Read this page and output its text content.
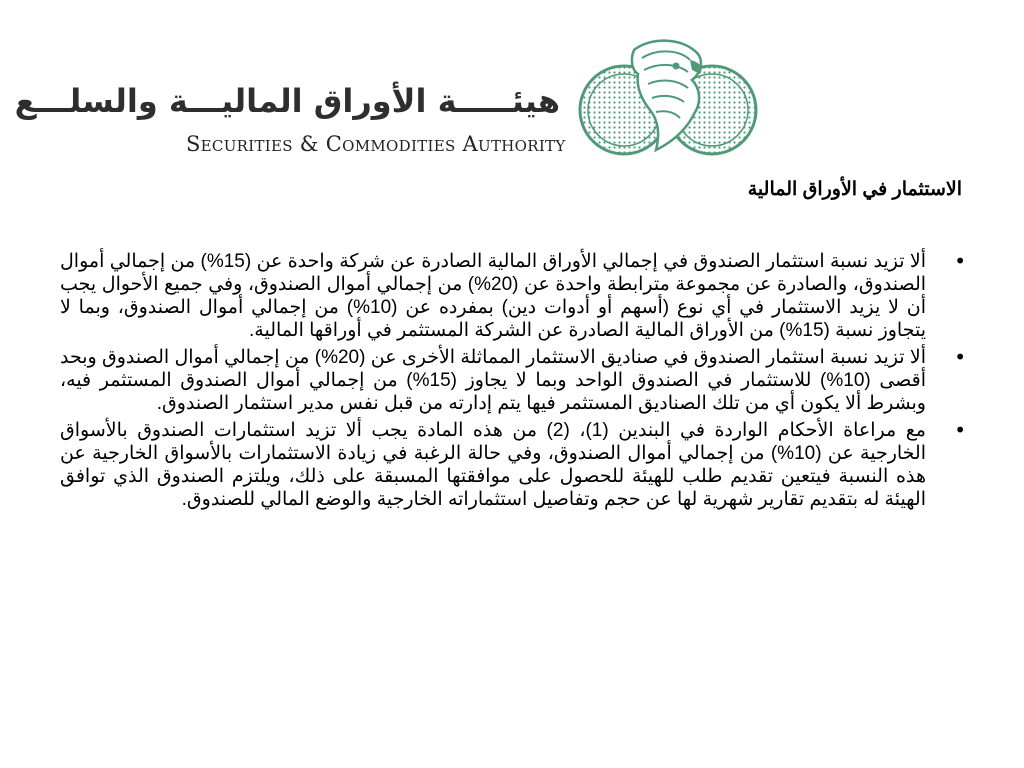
هيئـــــة الأوراق الماليـــة والسلـــع
Securities & Commodities Authority
الاستثمار في الأوراق المالية
•
ألا تزيد نسبة استثمار الصندوق في إجمالي الأوراق المالية الصادرة عن شركة واحدة عن (15%) من إجمالي أموال الصندوق، والصادرة عن مجموعة مترابطة واحدة عن (20%) من إجمالي أموال الصندوق، وفي جميع الأحوال يجب أن لا يزيد الاستثمار في أي نوع (أسهم أو أدوات دين) بمفرده عن (10%) من إجمالي أموال الصندوق، وبما لا يتجاوز نسبة (15%) من الأوراق المالية الصادرة عن الشركة المستثمر في أوراقها المالية.
•
ألا تزيد نسبة استثمار الصندوق في صناديق الاستثمار المماثلة الأخرى عن (20%) من إجمالي أموال الصندوق وبحد أقصى (10%) للاستثمار في الصندوق الواحد وبما لا يجاوز (15%) من إجمالي أموال الصندوق المستثمر فيه، وبشرط ألا يكون أي من تلك الصناديق المستثمر فيها يتم إدارته من قبل نفس مدير استثمار الصندوق.
•
مع مراعاة الأحكام الواردة في البندين (1)، (2) من هذه المادة يجب ألا تزيد استثمارات الصندوق بالأسواق الخارجية عن (10%) من إجمالي أموال الصندوق، وفي حالة الرغبة في زيادة الاستثمارات بالأسواق الخارجية عن هذه النسبة فيتعين تقديم طلب للهيئة للحصول على موافقتها المسبقة على ذلك، ويلتزم الصندوق الذي توافق الهيئة له بتقديم تقارير شهرية لها عن حجم وتفاصيل استثماراته الخارجية والوضع المالي للصندوق.
